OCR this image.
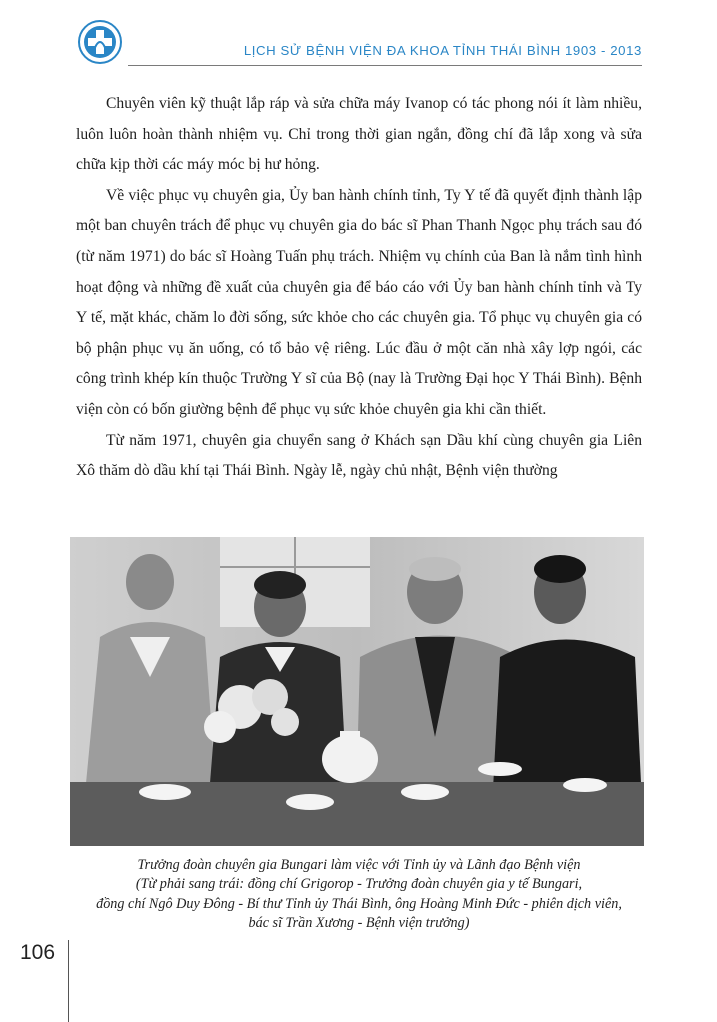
LỊCH SỬ BỆNH VIỆN ĐA KHOA TỈNH THÁI BÌNH 1903 - 2013

Chuyên viên kỹ thuật lắp ráp và sửa chữa máy Ivanop có tác phong nói ít làm nhiều, luôn luôn hoàn thành nhiệm vụ. Chỉ trong thời gian ngắn, đồng chí đã lắp xong và sửa chữa kịp thời các máy móc bị hư hỏng.

Về việc phục vụ chuyên gia, Ủy ban hành chính tỉnh, Ty Y tế đã quyết định thành lập một ban chuyên trách để phục vụ chuyên gia do bác sĩ Phan Thanh Ngọc phụ trách sau đó (từ năm 1971) do bác sĩ Hoàng Tuấn phụ trách. Nhiệm vụ chính của Ban là nắm tình hình hoạt động và những đề xuất của chuyên gia để báo cáo với Ủy ban hành chính tỉnh và Ty Y tế, mặt khác, chăm lo đời sống, sức khỏe cho các chuyên gia. Tổ phục vụ chuyên gia có bộ phận phục vụ ăn uống, có tổ bảo vệ riêng. Lúc đầu ở một căn nhà xây lợp ngói, các công trình khép kín thuộc Trường Y sĩ của Bộ (nay là Trường Đại học Y Thái Bình). Bệnh viện còn có bốn giường bệnh để phục vụ sức khỏe chuyên gia khi cần thiết.

Từ năm 1971, chuyên gia chuyển sang ở Khách sạn Dầu khí cùng chuyên gia Liên Xô thăm dò dầu khí tại Thái Bình. Ngày lễ, ngày chủ nhật, Bệnh viện thường

Trưởng đoàn chuyên gia Bungari làm việc với Tỉnh ủy và Lãnh đạo Bệnh viện
(Từ phải sang trái: đồng chí Grigorop - Trưởng đoàn chuyên gia y tế Bungari,
đồng chí Ngô Duy Đông - Bí thư Tỉnh ủy Thái Bình, ông Hoàng Minh Đức - phiên dịch viên,
bác sĩ Trần Xương - Bệnh viện trưởng)
106
